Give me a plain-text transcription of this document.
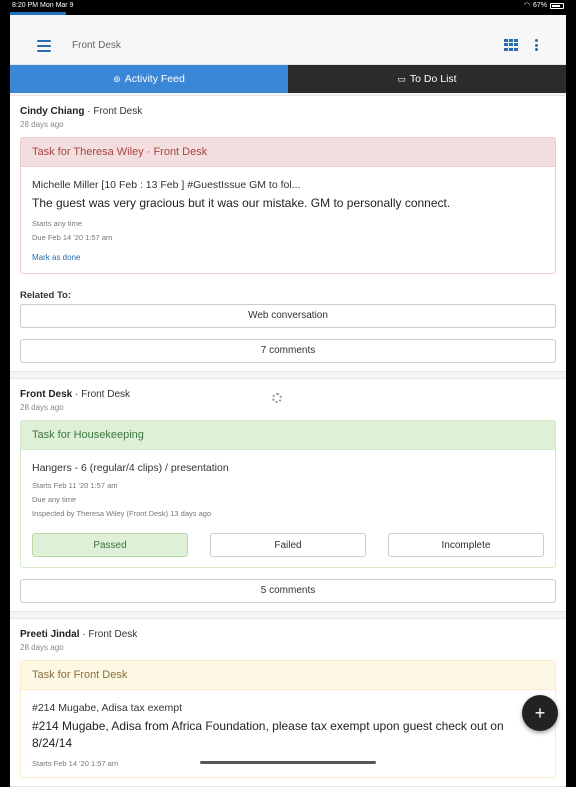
8:20 PM Mon Mar 9	◠ 67%
Front Desk
⊚ Activity Feed	▭ To Do List
Cindy Chiang · Front Desk
28 days ago
Task for Theresa Wiley · Front Desk
Michelle Miller [10 Feb : 13 Feb ] #GuestIssue GM to fol...
The guest was very gracious but it was our mistake. GM to personally connect.
Starts any time
Due Feb 14 '20 1:57 am
Mark as done
Related To:
Web conversation
7 comments
Front Desk · Front Desk
28 days ago
Task for Housekeeping
Hangers - 6 (regular/4 clips) / presentation
Starts Feb 11 '20 1:57 am
Due any time
Inspected by Theresa Wiley (Front Desk) 13 days ago
Passed	Failed	Incomplete
5 comments
Preeti Jindal · Front Desk
28 days ago
Task for Front Desk
#214 Mugabe, Adisa tax exempt
#214 Mugabe, Adisa from Africa Foundation, please tax exempt upon guest check out on 8/24/14
Starts Feb 14 '20 1:57 am
+
